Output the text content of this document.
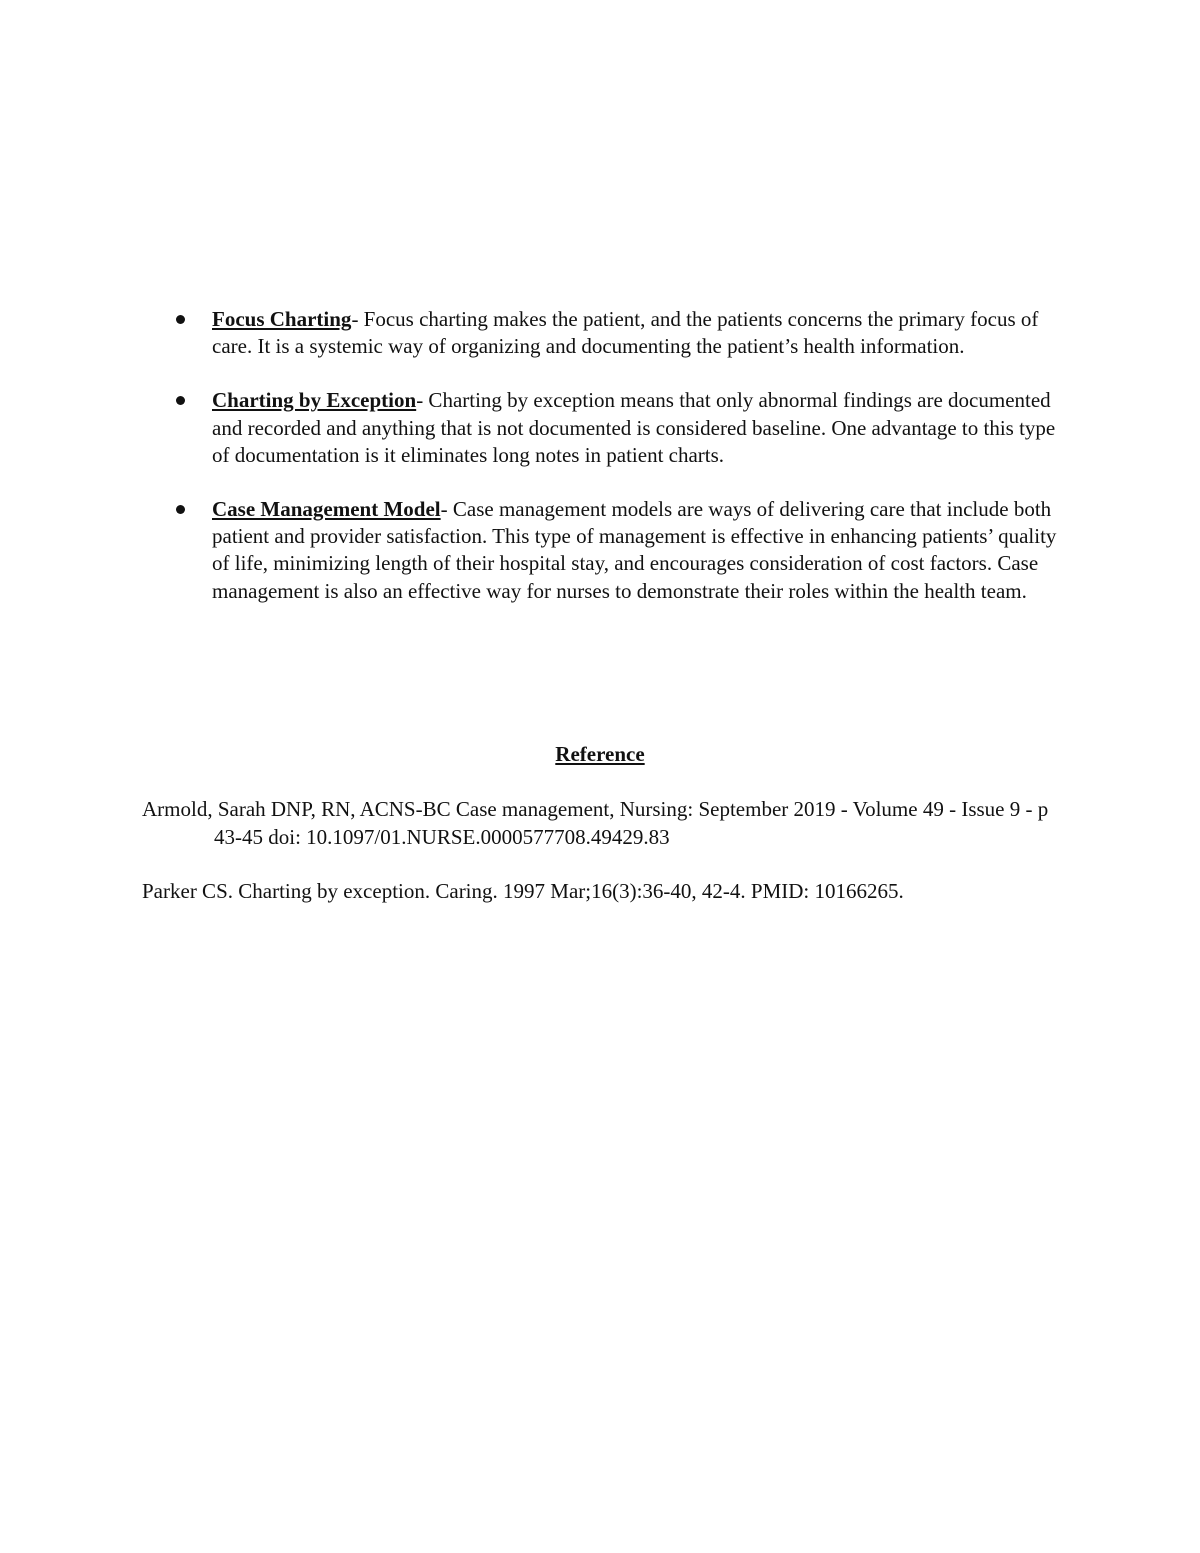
Focus Charting- Focus charting makes the patient, and the patients concerns the primary focus of care. It is a systemic way of organizing and documenting the patient’s health information.
Charting by Exception- Charting by exception means that only abnormal findings are documented and recorded and anything that is not documented is considered baseline. One advantage to this type of documentation is it eliminates long notes in patient charts.
Case Management Model- Case management models are ways of delivering care that include both patient and provider satisfaction. This type of management is effective in enhancing patients’ quality of life, minimizing length of their hospital stay, and encourages consideration of cost factors. Case management is also an effective way for nurses to demonstrate their roles within the health team.
Reference
Armold, Sarah DNP, RN, ACNS-BC Case management, Nursing: September 2019 - Volume 49 - Issue 9 - p 43-45 doi: 10.1097/01.NURSE.0000577708.49429.83
Parker CS. Charting by exception. Caring. 1997 Mar;16(3):36-40, 42-4. PMID: 10166265.
